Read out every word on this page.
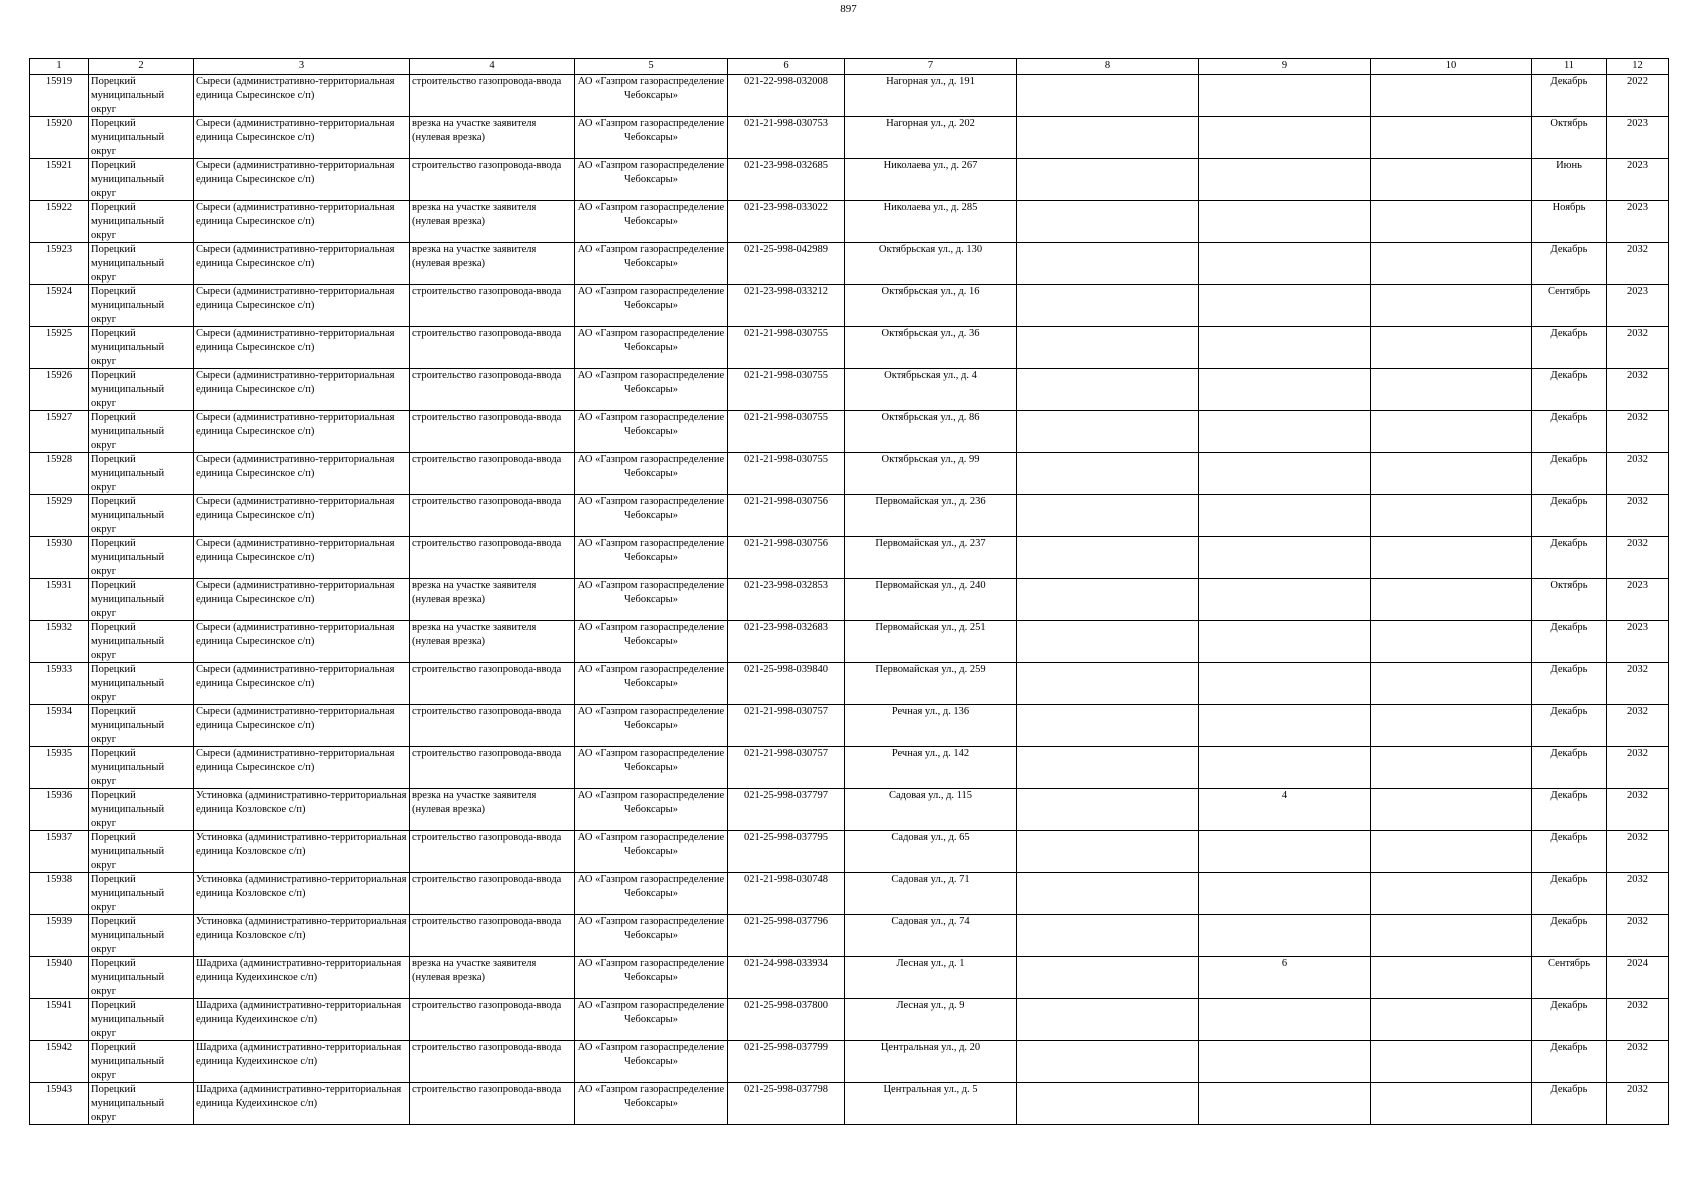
897
1	2	3	4	5	6	7	8	9	10	11	12

15919	Порецкий муниципальный округ	Сыреси (административно-территориальная единица Сыресинское с/п)	строительство газопровода-ввода	АО «Газпром газораспределение Чебоксары»	021-22-998-032008	Нагорная ул., д. 191				Декабрь	2022

15920	Порецкий муниципальный округ	Сыреси (административно-территориальная единица Сыресинское с/п)	врезка на участке заявителя (нулевая врезка)	АО «Газпром газораспределение Чебоксары»	021-21-998-030753	Нагорная ул., д. 202				Октябрь	2023

15921	Порецкий муниципальный округ	Сыреси (административно-территориальная единица Сыресинское с/п)	строительство газопровода-ввода	АО «Газпром газораспределение Чебоксары»	021-23-998-032685	Николаева ул., д. 267				Июнь	2023

15922	Порецкий муниципальный округ	Сыреси (административно-территориальная единица Сыресинское с/п)	врезка на участке заявителя (нулевая врезка)	АО «Газпром газораспределение Чебоксары»	021-23-998-033022	Николаева ул., д. 285				Ноябрь	2023

15923	Порецкий муниципальный округ	Сыреси (административно-территориальная единица Сыресинское с/п)	врезка на участке заявителя (нулевая врезка)	АО «Газпром газораспределение Чебоксары»	021-25-998-042989	Октябрьская ул., д. 130				Декабрь	2032

15924	Порецкий муниципальный округ	Сыреси (административно-территориальная единица Сыресинское с/п)	строительство газопровода-ввода	АО «Газпром газораспределение Чебоксары»	021-23-998-033212	Октябрьская ул., д. 16				Сентябрь	2023

15925	Порецкий муниципальный округ	Сыреси (административно-территориальная единица Сыресинское с/п)	строительство газопровода-ввода	АО «Газпром газораспределение Чебоксары»	021-21-998-030755	Октябрьская ул., д. 36				Декабрь	2032

15926	Порецкий муниципальный округ	Сыреси (административно-территориальная единица Сыресинское с/п)	строительство газопровода-ввода	АО «Газпром газораспределение Чебоксары»	021-21-998-030755	Октябрьская ул., д. 4				Декабрь	2032

15927	Порецкий муниципальный округ	Сыреси (административно-территориальная единица Сыресинское с/п)	строительство газопровода-ввода	АО «Газпром газораспределение Чебоксары»	021-21-998-030755	Октябрьская ул., д. 86				Декабрь	2032

15928	Порецкий муниципальный округ	Сыреси (административно-территориальная единица Сыресинское с/п)	строительство газопровода-ввода	АО «Газпром газораспределение Чебоксары»	021-21-998-030755	Октябрьская ул., д. 99				Декабрь	2032

15929	Порецкий муниципальный округ	Сыреси (административно-территориальная единица Сыресинское с/п)	строительство газопровода-ввода	АО «Газпром газораспределение Чебоксары»	021-21-998-030756	Первомайская ул., д. 236				Декабрь	2032

15930	Порецкий муниципальный округ	Сыреси (административно-территориальная единица Сыресинское с/п)	строительство газопровода-ввода	АО «Газпром газораспределение Чебоксары»	021-21-998-030756	Первомайская ул., д. 237				Декабрь	2032

15931	Порецкий муниципальный округ	Сыреси (административно-территориальная единица Сыресинское с/п)	врезка на участке заявителя (нулевая врезка)	АО «Газпром газораспределение Чебоксары»	021-23-998-032853	Первомайская ул., д. 240				Октябрь	2023

15932	Порецкий муниципальный округ	Сыреси (административно-территориальная единица Сыресинское с/п)	врезка на участке заявителя (нулевая врезка)	АО «Газпром газораспределение Чебоксары»	021-23-998-032683	Первомайская ул., д. 251				Декабрь	2023

15933	Порецкий муниципальный округ	Сыреси (административно-территориальная единица Сыресинское с/п)	строительство газопровода-ввода	АО «Газпром газораспределение Чебоксары»	021-25-998-039840	Первомайская ул., д. 259				Декабрь	2032

15934	Порецкий муниципальный округ	Сыреси (административно-территориальная единица Сыресинское с/п)	строительство газопровода-ввода	АО «Газпром газораспределение Чебоксары»	021-21-998-030757	Речная ул., д. 136				Декабрь	2032

15935	Порецкий муниципальный округ	Сыреси (административно-территориальная единица Сыресинское с/п)	строительство газопровода-ввода	АО «Газпром газораспределение Чебоксары»	021-21-998-030757	Речная ул., д. 142				Декабрь	2032

15936	Порецкий муниципальный округ	Устиновка (административно-территориальная единица Козловское с/п)	врезка на участке заявителя (нулевая врезка)	АО «Газпром газораспределение Чебоксары»	021-25-998-037797	Садовая ул., д. 115		4		Декабрь	2032

15937	Порецкий муниципальный округ	Устиновка (административно-территориальная единица Козловское с/п)	строительство газопровода-ввода	АО «Газпром газораспределение Чебоксары»	021-25-998-037795	Садовая ул., д. 65				Декабрь	2032

15938	Порецкий муниципальный округ	Устиновка (административно-территориальная единица Козловское с/п)	строительство газопровода-ввода	АО «Газпром газораспределение Чебоксары»	021-21-998-030748	Садовая ул., д. 71				Декабрь	2032

15939	Порецкий муниципальный округ	Устиновка (административно-территориальная единица Козловское с/п)	строительство газопровода-ввода	АО «Газпром газораспределение Чебоксары»	021-25-998-037796	Садовая ул., д. 74				Декабрь	2032

15940	Порецкий муниципальный округ	Шадриха (административно-территориальная единица Кудеихинское с/п)	врезка на участке заявителя (нулевая врезка)	АО «Газпром газораспределение Чебоксары»	021-24-998-033934	Лесная ул., д. 1		6		Сентябрь	2024

15941	Порецкий муниципальный округ	Шадриха (административно-территориальная единица Кудеихинское с/п)	строительство газопровода-ввода	АО «Газпром газораспределение Чебоксары»	021-25-998-037800	Лесная ул., д. 9				Декабрь	2032

15942	Порецкий муниципальный округ	Шадриха (административно-территориальная единица Кудеихинское с/п)	строительство газопровода-ввода	АО «Газпром газораспределение Чебоксары»	021-25-998-037799	Центральная ул., д. 20				Декабрь	2032

15943	Порецкий муниципальный округ	Шадриха (административно-территориальная единица Кудеихинское с/п)	строительство газопровода-ввода	АО «Газпром газораспределение Чебоксары»	021-25-998-037798	Центральная ул., д. 5				Декабрь	2032
